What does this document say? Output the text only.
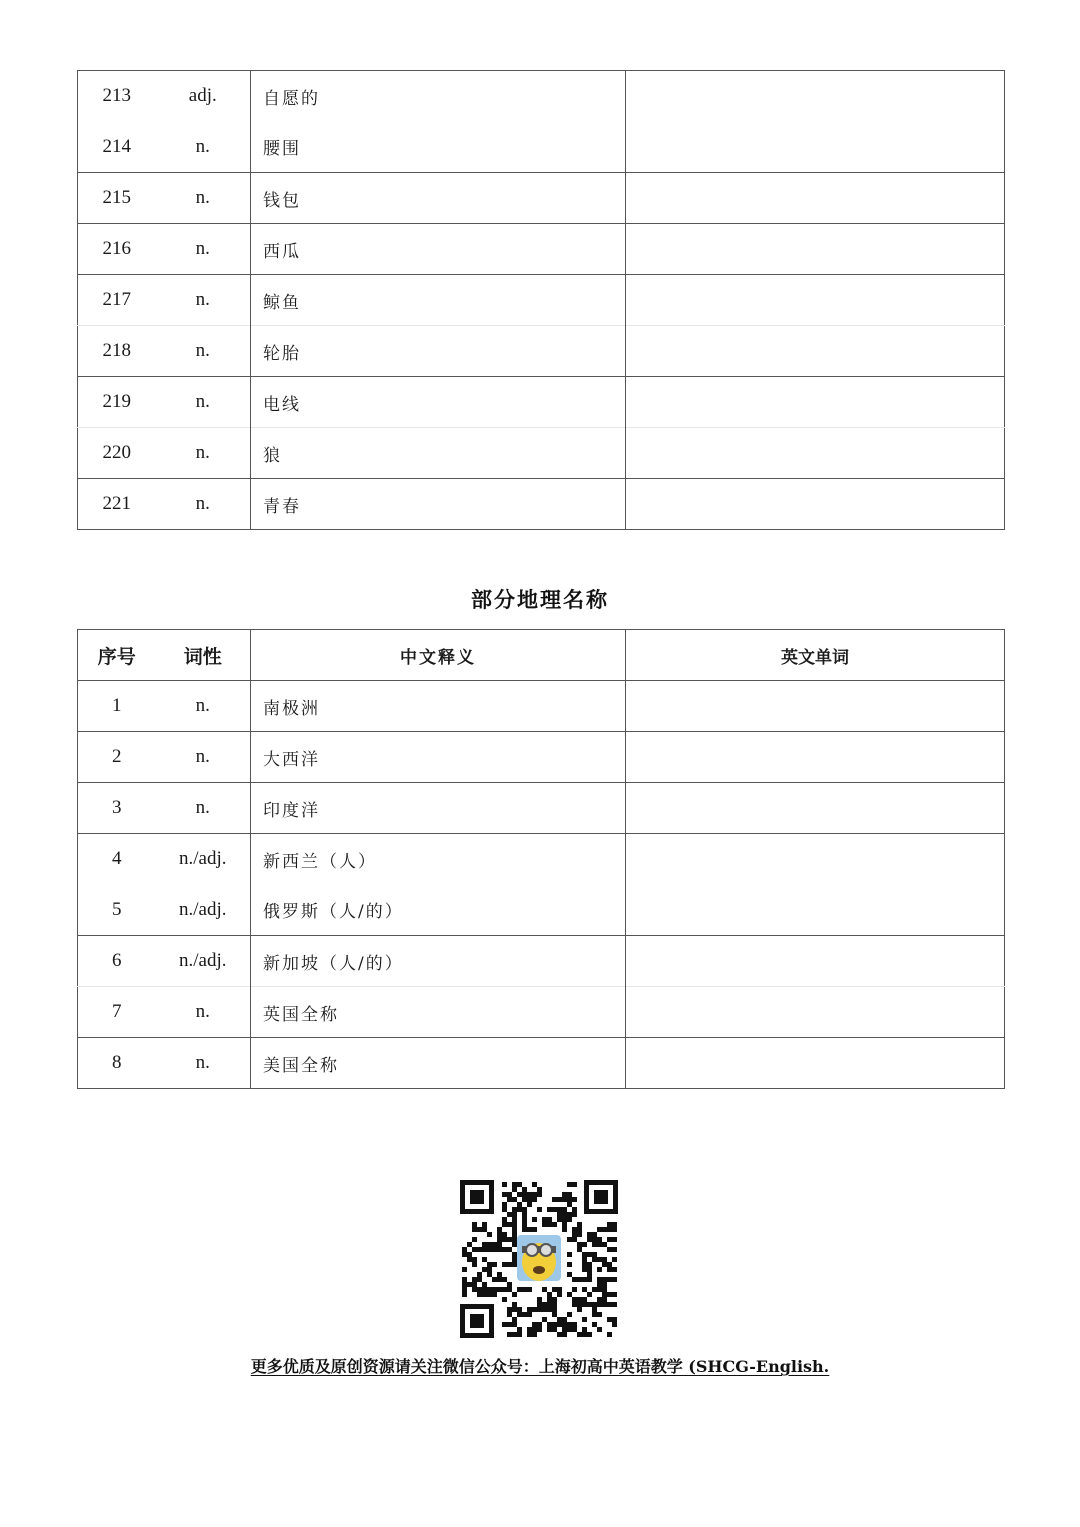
213	adj.	自愿的	
214	n.	腰围	
215	n.	钱包	
216	n.	西瓜	
217	n.	鲸鱼	
218	n.	轮胎	
219	n.	电线	
220	n.	狼	
221	n.	青春	
部分地理名称
序号	词性	中文释义	英文单词
1	n.	南极洲	
2	n.	大西洋	
3	n.	印度洋	
4	n./adj.	新西兰（人）	
5	n./adj.	俄罗斯（人/的）	
6	n./adj.	新加坡（人/的）	
7	n.	英国全称	
8	n.	美国全称	
更多优质及原创资源请关注微信公众号：上海初高中英语教学 (SHCG-English.
